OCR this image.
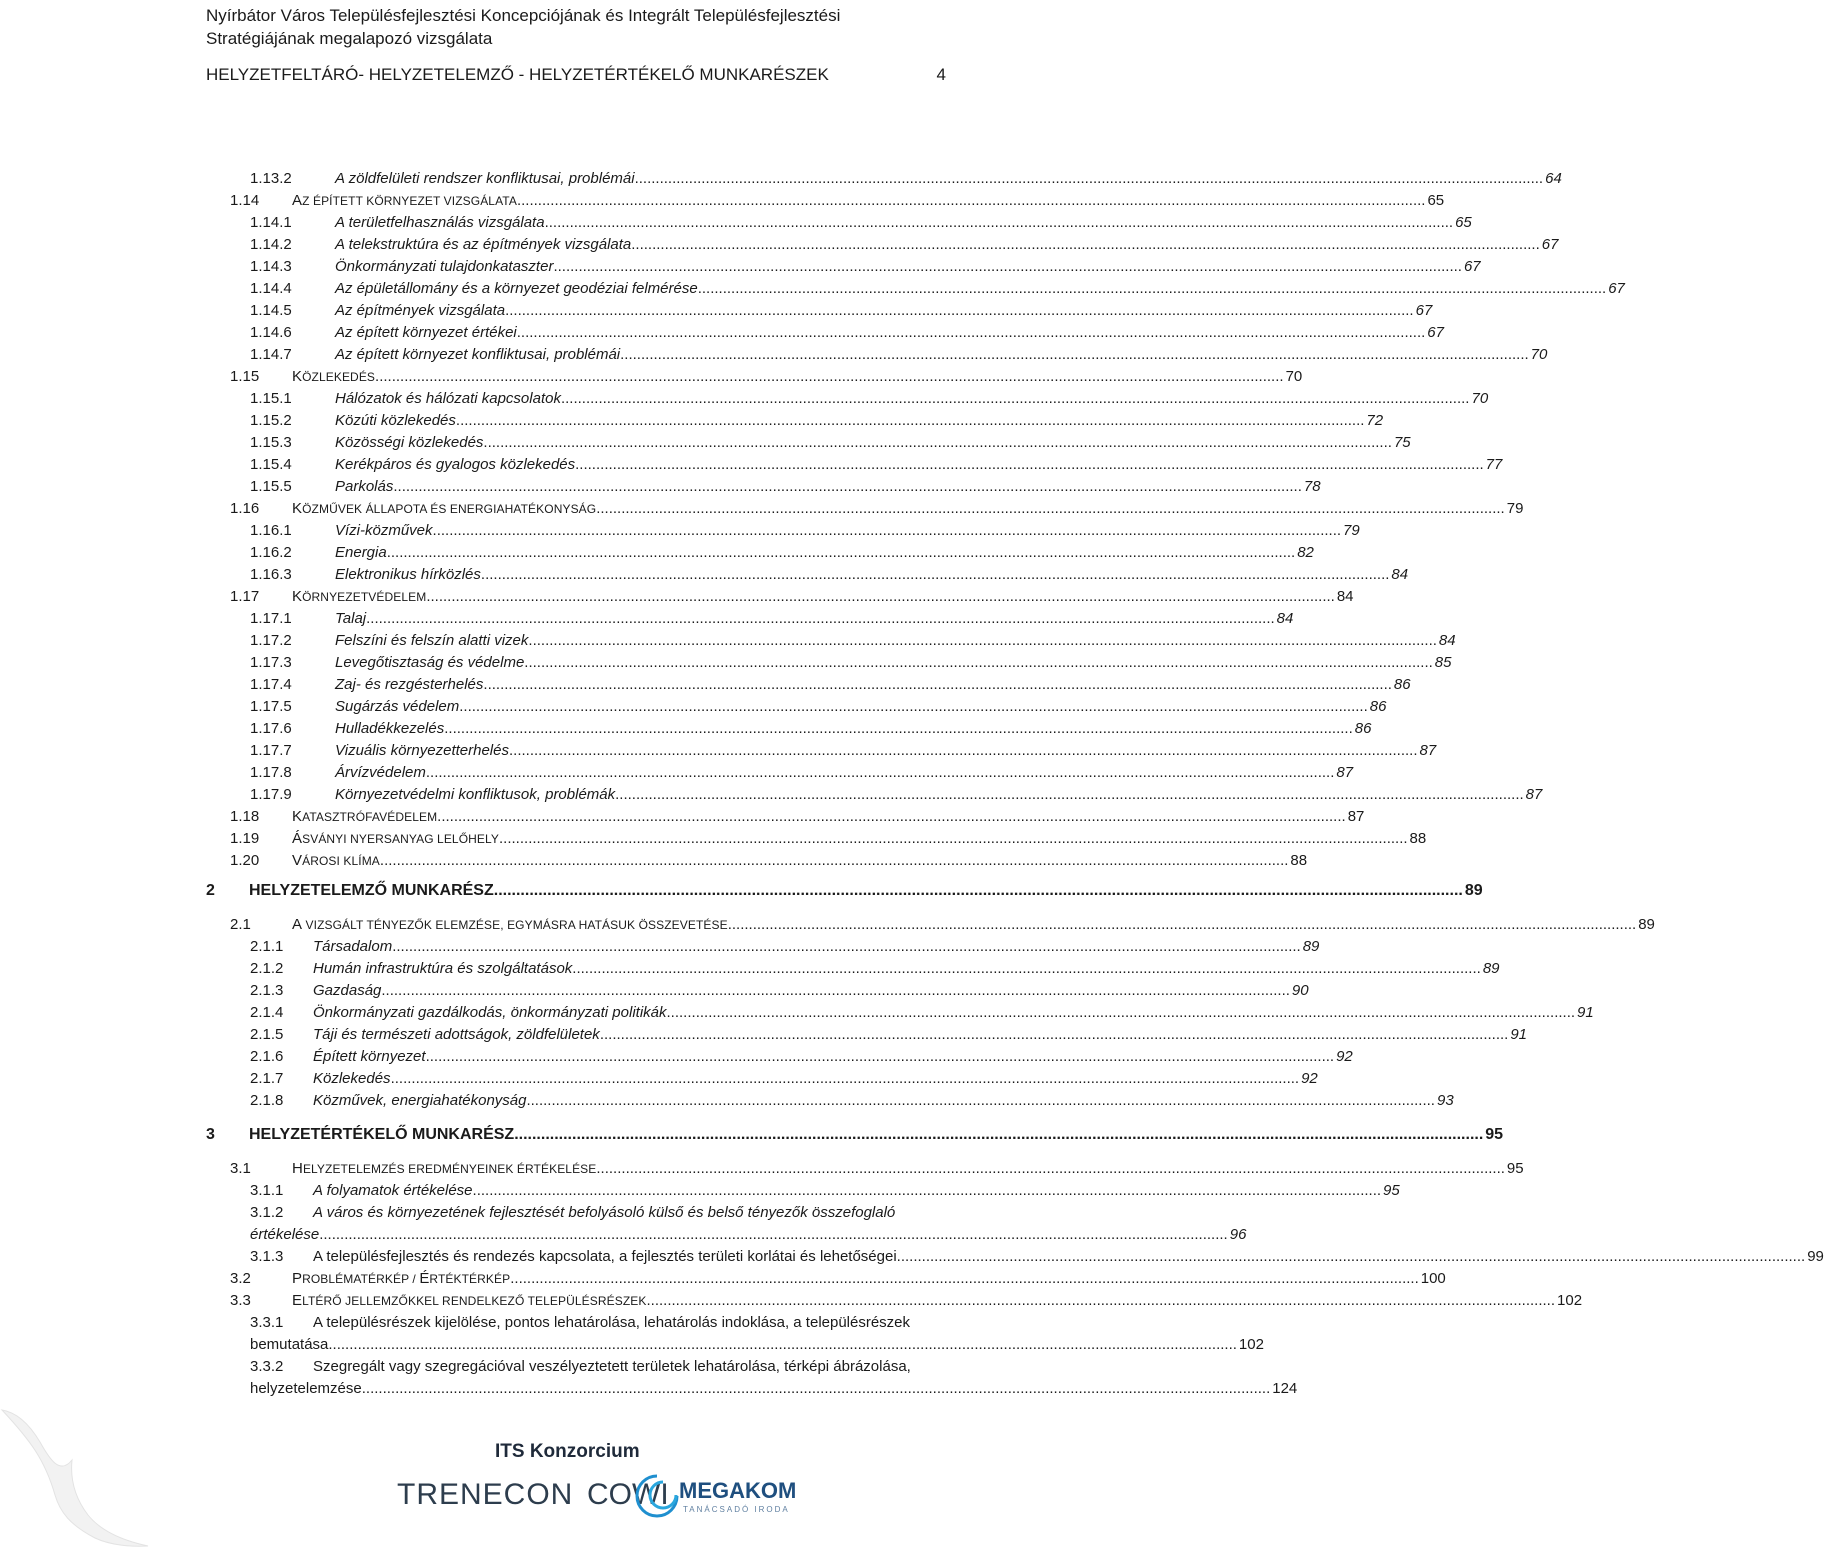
Nyírbátor Város Településfejlesztési Koncepciójának és Integrált Településfejlesztési
Stratégiájának megalapozó vizsgálata
HELYZETFELTÁRÓ- HELYZETELEMZŐ - HELYZETÉRTÉKELŐ MUNKARÉSZEK	4
1.13.2	A zöldfelületi rendszer konfliktusai, problémái .......................................................................................................................................................................................................................... 64
1.14 AZ ÉPÍTETT KÖRNYEZET VIZSGÁLATA .......................................................................................................................................................................................................................... 65
1.14.1	A területfelhasználás vizsgálata .......................................................................................................................................................................................................................... 65
1.14.2	A telekstruktúra és az építmények vizsgálata .......................................................................................................................................................................................................................... 67
1.14.3	Önkormányzati tulajdonkataszter .......................................................................................................................................................................................................................... 67
1.14.4	Az épületállomány és a környezet geodéziai felmérése .......................................................................................................................................................................................................................... 67
1.14.5	Az építmények vizsgálata .......................................................................................................................................................................................................................... 67
1.14.6	Az épített környezet értékei .......................................................................................................................................................................................................................... 67
1.14.7	Az épített környezet konfliktusai, problémái .......................................................................................................................................................................................................................... 70
1.15 KÖZLEKEDÉS .......................................................................................................................................................................................................................... 70
1.15.1	Hálózatok és hálózati kapcsolatok .......................................................................................................................................................................................................................... 70
1.15.2	Közúti közlekedés .......................................................................................................................................................................................................................... 72
1.15.3	Közösségi közlekedés .......................................................................................................................................................................................................................... 75
1.15.4	Kerékpáros és gyalogos közlekedés .......................................................................................................................................................................................................................... 77
1.15.5	Parkolás .......................................................................................................................................................................................................................... 78
1.16 KÖZMŰVEK ÁLLAPOTA ÉS ENERGIAHATÉKONYSÁG .......................................................................................................................................................................................................................... 79
1.16.1	Vízi-közművek .......................................................................................................................................................................................................................... 79
1.16.2	Energia .......................................................................................................................................................................................................................... 82
1.16.3	Elektronikus hírközlés .......................................................................................................................................................................................................................... 84
1.17 KÖRNYEZETVÉDELEM .......................................................................................................................................................................................................................... 84
1.17.1	Talaj .......................................................................................................................................................................................................................... 84
1.17.2	Felszíni és felszín alatti vizek .......................................................................................................................................................................................................................... 84
1.17.3	Levegőtisztaság és védelme .......................................................................................................................................................................................................................... 85
1.17.4	Zaj- és rezgésterhelés .......................................................................................................................................................................................................................... 86
1.17.5	Sugárzás védelem .......................................................................................................................................................................................................................... 86
1.17.6	Hulladékkezelés .......................................................................................................................................................................................................................... 86
1.17.7	Vizuális környezetterhelés .......................................................................................................................................................................................................................... 87
1.17.8	Árvízvédelem .......................................................................................................................................................................................................................... 87
1.17.9	Környezetvédelmi konfliktusok, problémák .......................................................................................................................................................................................................................... 87
1.18 KATASZTRÓFAVÉDELEM .......................................................................................................................................................................................................................... 87
1.19 ÁSVÁNYI NYERSANYAG LELŐHELY .......................................................................................................................................................................................................................... 88
1.20 VÁROSI KLÍMA .......................................................................................................................................................................................................................... 88
2 HELYZETELEMZŐ MUNKARÉSZ .......................................................................................................................................................................................................................... 89
2.1	A VIZSGÁLT TÉNYEZŐK ELEMZÉSE, EGYMÁSRA HATÁSUK ÖSSZEVETÉSE .......................................................................................................................................................................................................................... 89
2.1.1 Társadalom .......................................................................................................................................................................................................................... 89
2.1.2 Humán infrastruktúra és szolgáltatások .......................................................................................................................................................................................................................... 89
2.1.3 Gazdaság .......................................................................................................................................................................................................................... 90
2.1.4 Önkormányzati gazdálkodás, önkormányzati politikák .......................................................................................................................................................................................................................... 91
2.1.5 Táji és természeti adottságok, zöldfelületek .......................................................................................................................................................................................................................... 91
2.1.6 Épített környezet .......................................................................................................................................................................................................................... 92
2.1.7 Közlekedés .......................................................................................................................................................................................................................... 92
2.1.8 Közművek, energiahatékonyság .......................................................................................................................................................................................................................... 93
3 HELYZETÉRTÉKELŐ MUNKARÉSZ .......................................................................................................................................................................................................................... 95
3.1	HELYZETELEMZÉS EREDMÉNYEINEK ÉRTÉKELÉSE .......................................................................................................................................................................................................................... 95
3.1.1 A folyamatok értékelése .......................................................................................................................................................................................................................... 95
3.1.2 A város és környezetének fejlesztését befolyásoló külső és belső tényezők összefoglaló
értékelése .......................................................................................................................................................................................................................... 96
3.1.3 A településfejlesztés és rendezés kapcsolata, a fejlesztés területi korlátai és lehetőségei .......................................................................................................................................................................................................................... 99
3.2	PROBLÉMATÉRKÉP / ÉRTÉKTÉRKÉP .......................................................................................................................................................................................................................... 100
3.3	ELTÉRŐ JELLEMZŐKKEL RENDELKEZŐ TELEPÜLÉSRÉSZEK .......................................................................................................................................................................................................................... 102
3.3.1 A településrészek kijelölése, pontos lehatárolása, lehatárolás indoklása, a településrészek
bemutatása .......................................................................................................................................................................................................................... 102
3.3.2 Szegregált vagy szegregációval veszélyeztetett területek lehatárolása, térképi ábrázolása,
helyzetelemzése .......................................................................................................................................................................................................................... 124
ITS Konzorcium
TRENECON COWI MEGAKOM
TANÁCSADÓ IRODA
